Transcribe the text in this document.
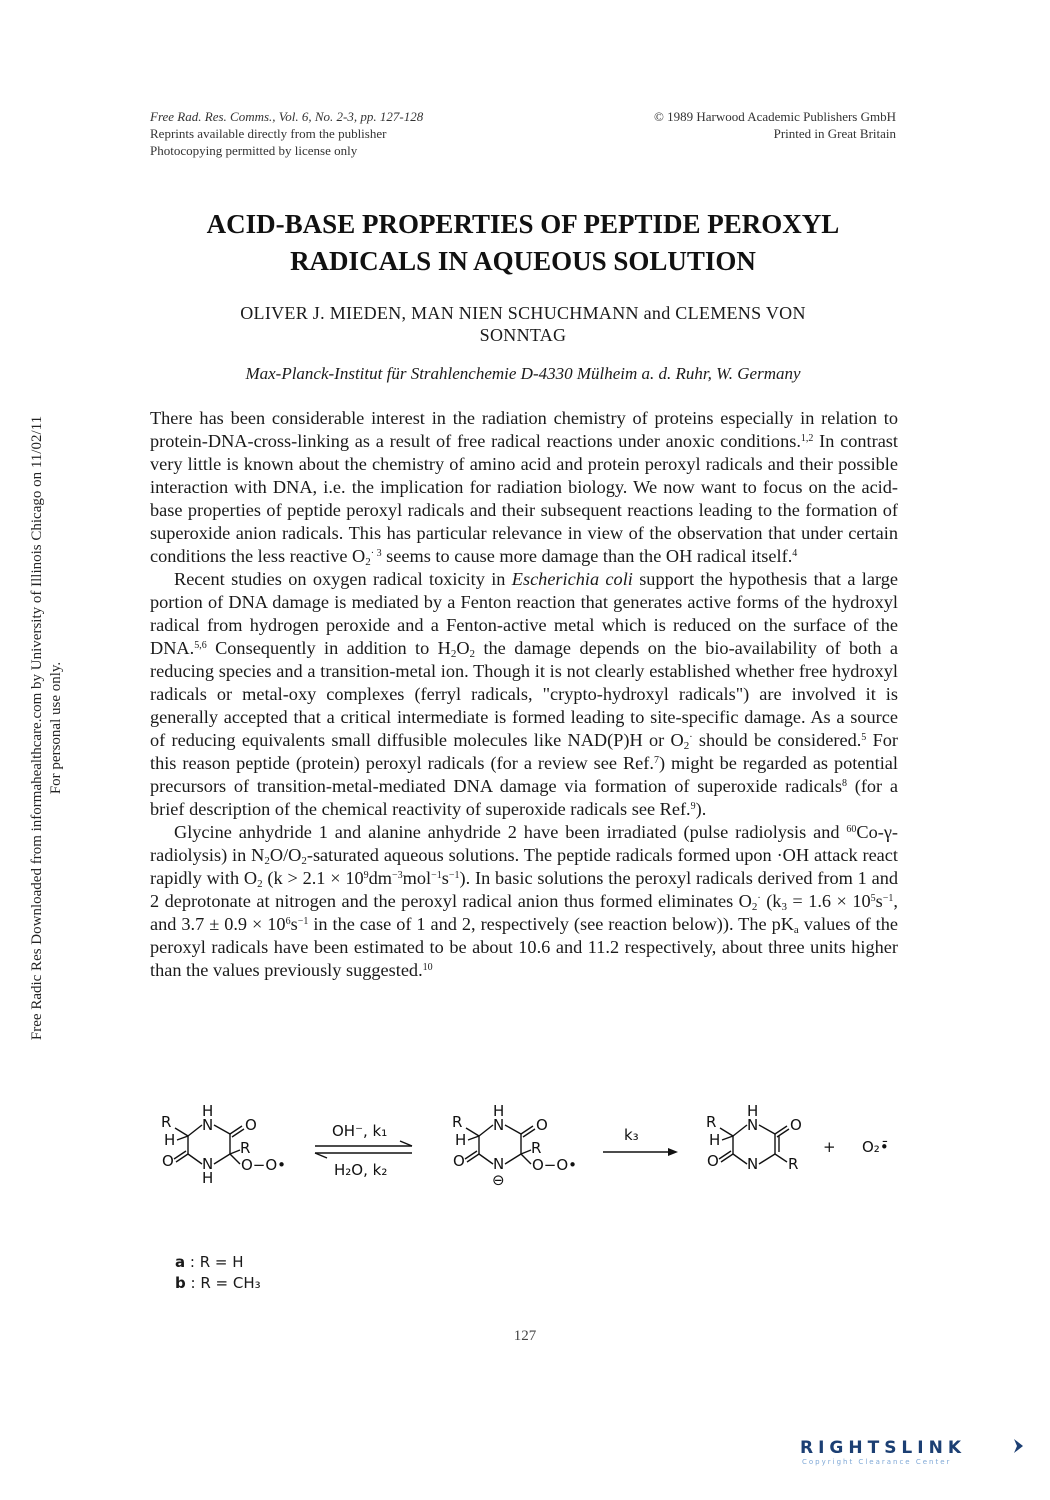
Free Rad. Res. Comms., Vol. 6, No. 2-3, pp. 127-128
Reprints available directly from the publisher
Photocopying permitted by license only
© 1989 Harwood Academic Publishers GmbH
Printed in Great Britain
ACID-BASE PROPERTIES OF PEPTIDE PEROXYL
RADICALS IN AQUEOUS SOLUTION
OLIVER J. MIEDEN, MAN NIEN SCHUCHMANN and CLEMENS VON
SONNTAG
Max-Planck-Institut für Strahlenchemie D-4330 Mülheim a. d. Ruhr, W. Germany

There has been considerable interest in the radiation chemistry of proteins especially in relation to protein-DNA-cross-linking as a result of free radical reactions under anoxic conditions.$^{1,2}$ In contrast very little is known about the chemistry of amino acid and protein peroxyl radicals and their possible interaction with DNA, i.e. the implication for radiation biology. We now want to focus on the acid-base properties of peptide peroxyl radicals and their subsequent reactions leading to the formation of superoxide anion radicals. This has particular relevance in view of the observation that under certain conditions the less reactive $O_2^{\cdot 3}$ seems to cause more damage than the OH radical itself.$^4$

Recent studies on oxygen radical toxicity in Escherichia coli support the hypothesis that a large portion of DNA damage is mediated by a Fenton reaction that generates active forms of the hydroxyl radical from hydrogen peroxide and a Fenton-active metal which is reduced on the surface of the DNA.$^{5,6}$ Consequently in addition to $H_2O_2$ the damage depends on the bio-availability of both a reducing species and a transition-metal ion. Though it is not clearly established whether free hydroxyl radicals or metal-oxy complexes (ferryl radicals, "crypto-hydroxyl radicals") are involved it is generally accepted that a critical intermediate is formed leading to site-specific damage. As a source of reducing equivalents small diffusible molecules like NAD(P)H or $O_2^\cdot$ should be considered.$^5$ For this reason peptide (protein) peroxyl radicals (for a review see Ref.$^7$) might be regarded as potential precursors of transition-metal-mediated DNA damage via formation of superoxide radicals$^8$ (for a brief description of the chemical reactivity of superoxide radicals see Ref.$^9$).

Glycine anhydride 1 and alanine anhydride 2 have been irradiated (pulse radiolysis and $^{60}$Co-γ-radiolysis) in $N_2O/O_2$-saturated aqueous solutions. The peptide radicals formed upon ·OH attack react rapidly with $O_2$ $(k > 2.1 \times 10^9dm^{-3}mol^{-1}s^{-1})$. In basic solutions the peroxyl radicals derived from 1 and 2 deprotonate at nitrogen and the peroxyl radical anion thus formed eliminates $O_2^\cdot$ ($k_3 = 1.6 \times 10^5s^{-1}$, and $3.7 \pm 0.9 \times 10^6s^{-1}$ in the case of 1 and 2, respectively (see reaction below)). The $pK_a$ values of the peroxyl radicals have been estimated to be about 10.6 and 11.2 respectively, about three units higher than the values previously suggested.$^{10}$

H
N O
R
H	R
O N
H
O−O•
OH⁻, k₁
H₂O, k₂
H
N O
R
H	R
O N
⊖
O−O•
k₃
H
N O
R
H
O N R
+ O₂•̄
a : R = H
b : R = CH₃
127
Free Radic Res Downloaded from informahealthcare.com by University of Illinois Chicago on 11/02/11 For personal use only.
RIGHTSLINK
Copyright Clearance Center
